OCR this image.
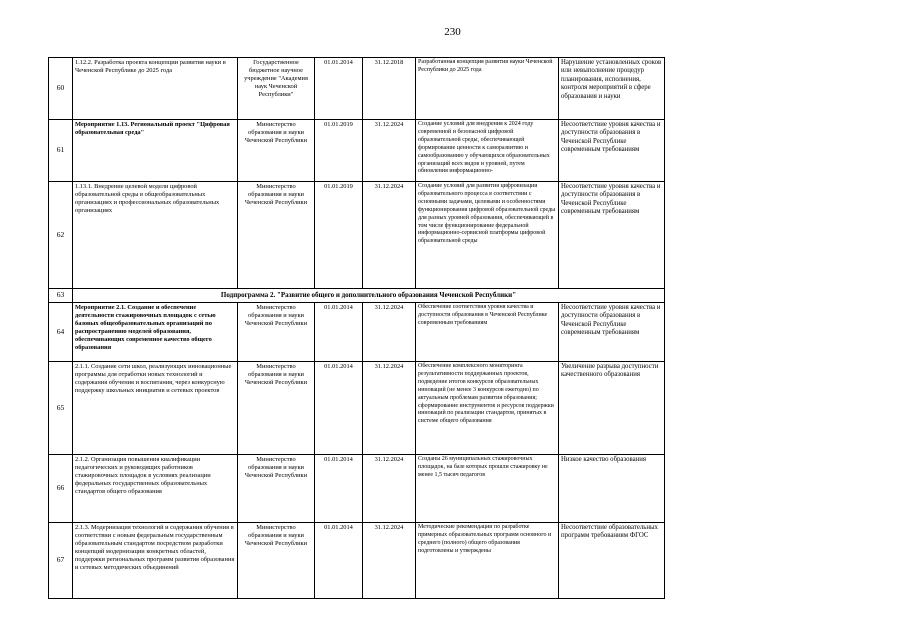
230
60	1.12.2. Разработка проекта концепции развития науки в Чеченской Республике до 2025 года	Государственное бюджетное научное учреждение "Академия наук Чеченской Республики"	01.01.2014	31.12.2018	Разработанная концепция развития науки Чеченской Республики до 2025 года	Нарушение установленных сроков или невыполнение процедур планирования, исполнения, контроля мероприятий в сфере образования и науки
61	Мероприятие 1.13. Региональный проект "Цифровая образовательная среда"	Министерство образования и науки Чеченской Республики	01.01.2019	31.12.2024	Создание условий для внедрения к 2024 году современной и безопасной цифровой образовательной среды, обеспечивающей формирование ценности к саморазвитию и самообразованию у обучающихся образовательных организаций всех видов и уровней, путем обновления информационно-	Несоответствие уровня качества и доступности образования в Чеченской Республике современным требованиям
62	1.13.1. Внедрение целевой модели цифровой образовательной среды в общеобразовательных организациях и профессиональных образовательных организациях	Министерство образования и науки Чеченской Республики	01.01.2019	31.12.2024	Создание условий для развития цифровизации образовательного процесса в соответствии с основными задачами, целевыми и особенностями функционирования цифровой образовательной среды для разных уровней образования, обеспечивающей в том числе функционирование федеральной информационно-сервисной платформы цифровой образовательной среды	Несоответствие уровня качества и доступности образования в Чеченской Республике современным требованиям
63	Подпрограмма 2. "Развитие общего и дополнительного образования Чеченской Республики"					
64	Мероприятие 2.1. Создание и обеспечение деятельности стажировочных площадок с сетью базовых общеобразовательных организаций по распространению моделей образования, обеспечивающих современное качество общего образования	Министерство образования и науки Чеченской Республики	01.01.2014	31.12.2024	Обеспечение соответствия уровня качества и доступности образования в Чеченской Республике современным требованиям	Несоответствие уровня качества и доступности образования в Чеченской Республике современным требованиям
65	2.1.1. Создание сети школ, реализующих инновационные программы для отработки новых технологий и содержания обучения и воспитания, через конкурсную поддержку школьных инициатив и сетевых проектов	Министерство образования и науки Чеченской Республики	01.01.2014	31.12.2024	Обеспечение комплексного мониторинга результативности поддержанных проектов, подведение итогов конкурсов образовательных инноваций (не менее 3 конкурсов ежегодно) по актуальным проблемам развития образования; сформирование инструментов и ресурсов поддержки инноваций по реализации стандартов, принятых в системе общего образования	Увеличение разрыва доступности качественного образования
66	2.1.2. Организация повышения квалификации педагогических и руководящих работников стажировочных площадок в условиях реализации федеральных государственных образовательных стандартов общего образования	Министерство образования и науки Чеченской Республики	01.01.2014	31.12.2024	Созданы 26 муниципальных стажировочных площадок, на базе которых прошли стажировку не менее 1,5 тысяч педагогов	Низкое качество образования
67	2.1.3. Модернизация технологий и содержания обучения в соответствии с новым федеральным государственным образовательным стандартом посредством разработки концепций модернизации конкретных областей, поддержки региональных программ развития образования и сетевых методических объединений	Министерство образования и науки Чеченской Республики	01.01.2014	31.12.2024	Методические рекомендации по разработке примерных образовательных программ основного и среднего (полного) общего образования подготовлены и утверждены	Несоответствие образовательных программ требованиям ФГОС
